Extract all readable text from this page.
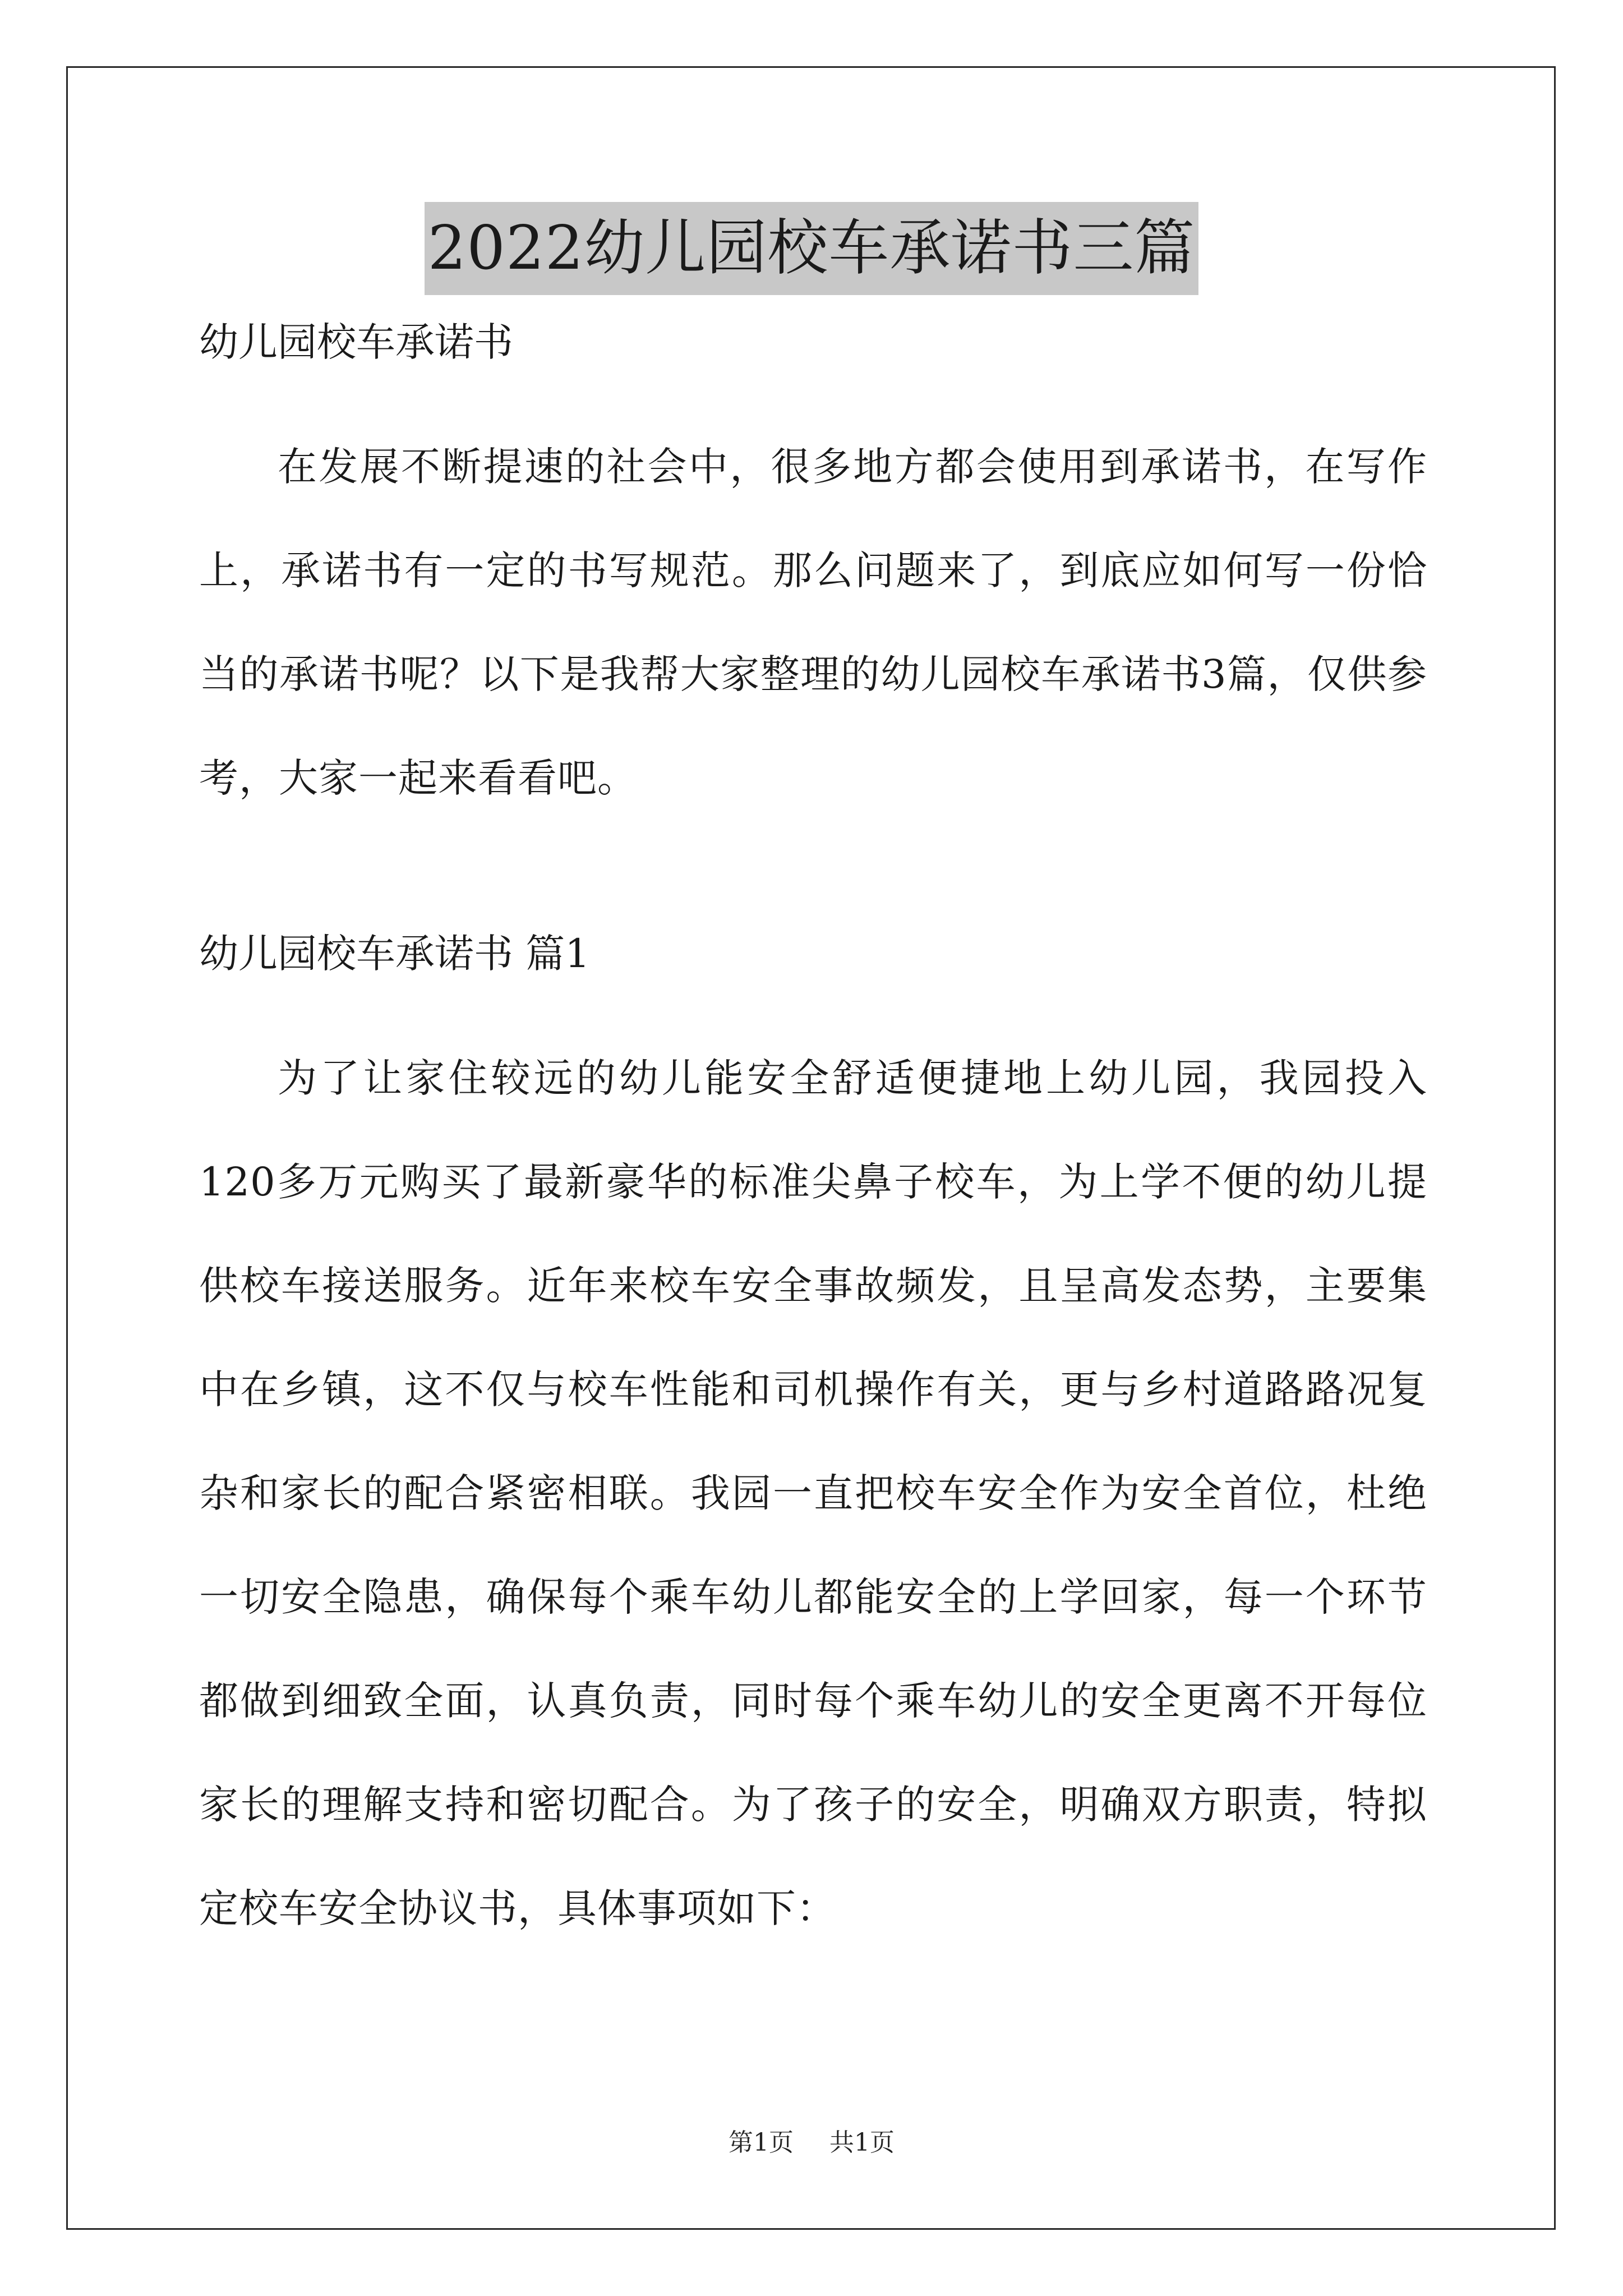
2022幼儿园校车承诺书三篇

幼儿园校车承诺书

在发展不断提速的社会中，很多地方都会使用到承诺书，在写作上，承诺书有一定的书写规范。那么问题来了，到底应如何写一份恰当的承诺书呢？以下是我帮大家整理的幼儿园校车承诺书3篇，仅供参考，大家一起来看看吧。

幼儿园校车承诺书 篇1

为了让家住较远的幼儿能安全舒适便捷地上幼儿园，我园投入120多万元购买了最新豪华的标准尖鼻子校车，为上学不便的幼儿提供校车接送服务。近年来校车安全事故频发，且呈高发态势，主要集中在乡镇，这不仅与校车性能和司机操作有关，更与乡村道路路况复杂和家长的配合紧密相联。我园一直把校车安全作为安全首位，杜绝一切安全隐患，确保每个乘车幼儿都能安全的上学回家，每一个环节都做到细致全面，认真负责，同时每个乘车幼儿的安全更离不开每位家长的理解支持和密切配合。为了孩子的安全，明确双方职责，特拟定校车安全协议书，具体事项如下：

第1页 共1页
